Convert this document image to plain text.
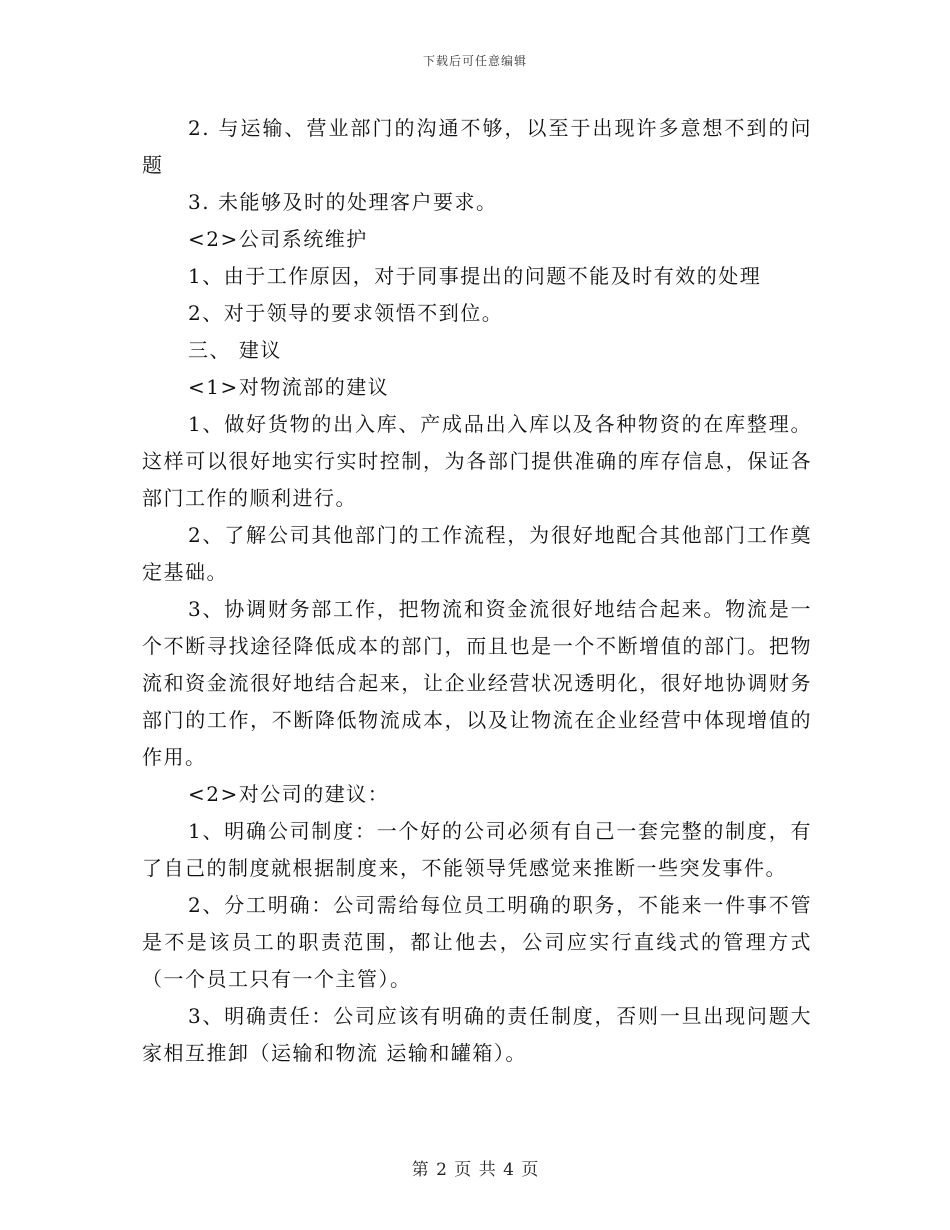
下载后可任意编辑

2. 与运输、营业部门的沟通不够，以至于出现许多意想不到的问题

3. 未能够及时的处理客户要求。

<2>公司系统维护

1、由于工作原因，对于同事提出的问题不能及时有效的处理

2、对于领导的要求领悟不到位。

三、 建议

<1>对物流部的建议

1、做好货物的出入库、产成品出入库以及各种物资的在库整理。这样可以很好地实行实时控制，为各部门提供准确的库存信息，保证各部门工作的顺利进行。

2、了解公司其他部门的工作流程，为很好地配合其他部门工作奠定基础。

3、协调财务部工作，把物流和资金流很好地结合起来。物流是一个不断寻找途径降低成本的部门，而且也是一个不断增值的部门。把物流和资金流很好地结合起来，让企业经营状况透明化，很好地协调财务部门的工作，不断降低物流成本，以及让物流在企业经营中体现增值的作用。

<2>对公司的建议：

1、明确公司制度：一个好的公司必须有自己一套完整的制度，有了自己的制度就根据制度来，不能领导凭感觉来推断一些突发事件。

2、分工明确：公司需给每位员工明确的职务，不能来一件事不管是不是该员工的职责范围，都让他去，公司应实行直线式的管理方式（一个员工只有一个主管）。

3、明确责任：公司应该有明确的责任制度，否则一旦出现问题大家相互推卸（运输和物流 运输和罐箱）。

第 2 页 共 4 页
